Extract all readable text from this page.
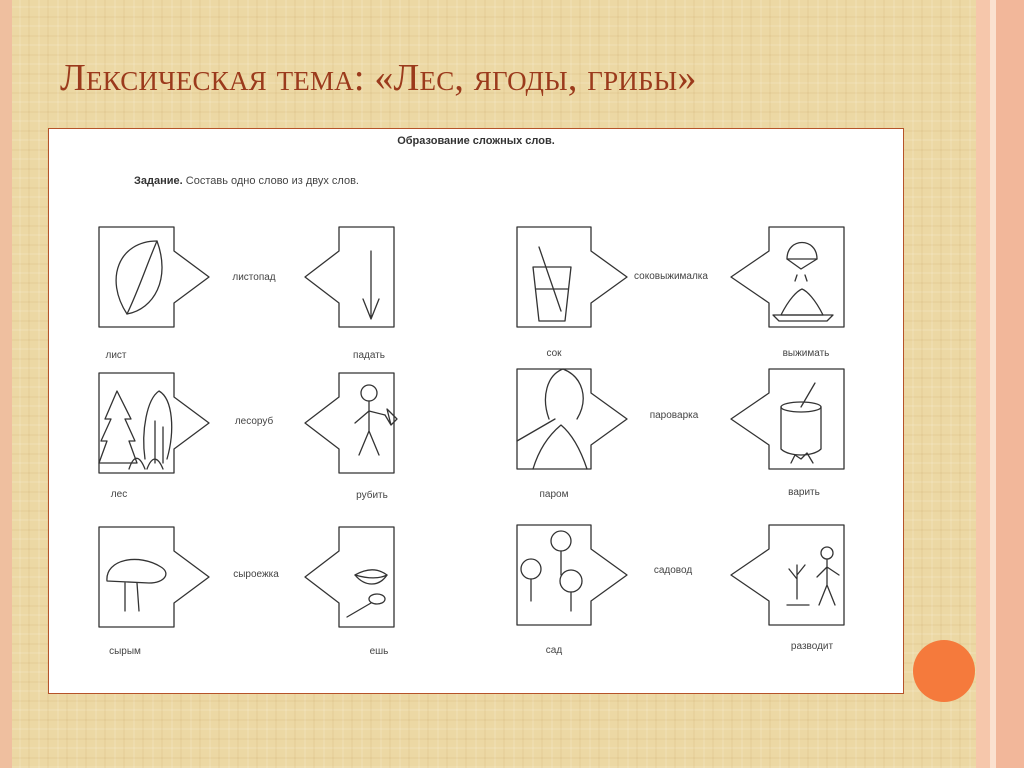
Лексическая тема: «Лес, ягоды, грибы»
Образование сложных слов.
Задание. Составь одно слово из двух слов.
лист
листопад
падать	сок
соковыжималка
выжимать
лес
лесоруб
рубить	паром
пароварка
варить
сырым
сыроежка
ешь	сад
садовод
разводит
